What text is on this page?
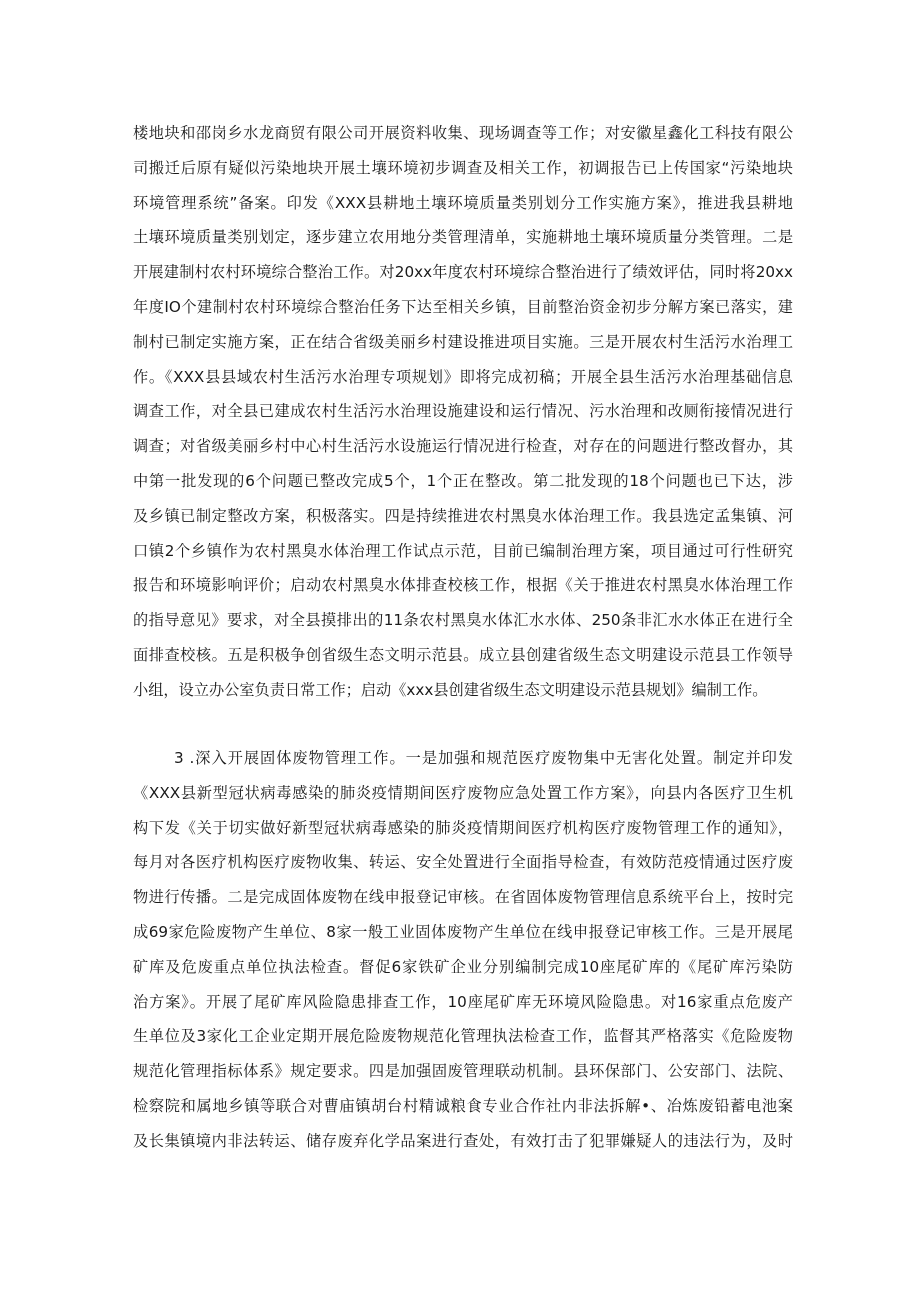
楼地块和邵岗乡水龙商贸有限公司开展资料收集、现场调查等工作；对安徽星鑫化工科技有限公
司搬迁后原有疑似污染地块开展土壤环境初步调查及相关工作，初调报告已上传国家“污染地块
环境管理系统”备案。印发《XXX县耕地土壤环境质量类别划分工作实施方案》，推进我县耕地
土壤环境质量类别划定，逐步建立农用地分类管理清单，实施耕地土壤环境质量分类管理。二是
开展建制村农村环境综合整治工作。对20xx年度农村环境综合整治进行了绩效评估，同时将20xx
年度IO个建制村农村环境综合整治任务下达至相关乡镇，目前整治资金初步分解方案已落实，建
制村已制定实施方案，正在结合省级美丽乡村建设推进项目实施。三是开展农村生活污水治理工
作。《XXX县县域农村生活污水治理专项规划》即将完成初稿；开展全县生活污水治理基础信息
调查工作，对全县已建成农村生活污水治理设施建设和运行情况、污水治理和改厕衔接情况进行
调查；对省级美丽乡村中心村生活污水设施运行情况进行检查，对存在的问题进行整改督办，其
中第一批发现的6个问题已整改完成5个，1个正在整改。第二批发现的18个问题也已下达，涉
及乡镇已制定整改方案，积极落实。四是持续推进农村黑臭水体治理工作。我县选定孟集镇、河
口镇2个乡镇作为农村黑臭水体治理工作试点示范，目前已编制治理方案，项目通过可行性研究
报告和环境影响评价；启动农村黑臭水体排查校核工作，根据《关于推进农村黑臭水体治理工作
的指导意见》要求，对全县摸排出的11条农村黑臭水体汇水水体、250条非汇水水体正在进行全
面排查校核。五是积极争创省级生态文明示范县。成立县创建省级生态文明建设示范县工作领导
小组，设立办公室负责日常工作；启动《xxx县创建省级生态文明建设示范县规划》编制工作。
3 .深入开展固体废物管理工作。一是加强和规范医疗废物集中无害化处置。制定并印发
《XXX县新型冠状病毒感染的肺炎疫情期间医疗废物应急处置工作方案》，向县内各医疗卫生机
构下发《关于切实做好新型冠状病毒感染的肺炎疫情期间医疗机构医疗废物管理工作的通知》，
每月对各医疗机构医疗废物收集、转运、安全处置进行全面指导检查，有效防范疫情通过医疗废
物进行传播。二是完成固体废物在线申报登记审核。在省固体废物管理信息系统平台上，按时完
成69家危险废物产生单位、8家一般工业固体废物产生单位在线申报登记审核工作。三是开展尾
矿库及危废重点单位执法检查。督促6家铁矿企业分别编制完成10座尾矿库的《尾矿库污染防
治方案》。开展了尾矿库风险隐患排查工作，10座尾矿库无环境风险隐患。对16家重点危废产
生单位及3家化工企业定期开展危险废物规范化管理执法检查工作，监督其严格落实《危险废物
规范化管理指标体系》规定要求。四是加强固废管理联动机制。县环保部门、公安部门、法院、
检察院和属地乡镇等联合对曹庙镇胡台村精诚粮食专业合作社内非法拆解•、冶炼废铅蓄电池案
及长集镇境内非法转运、储存废弃化学品案进行查处，有效打击了犯罪嫌疑人的违法行为，及时
